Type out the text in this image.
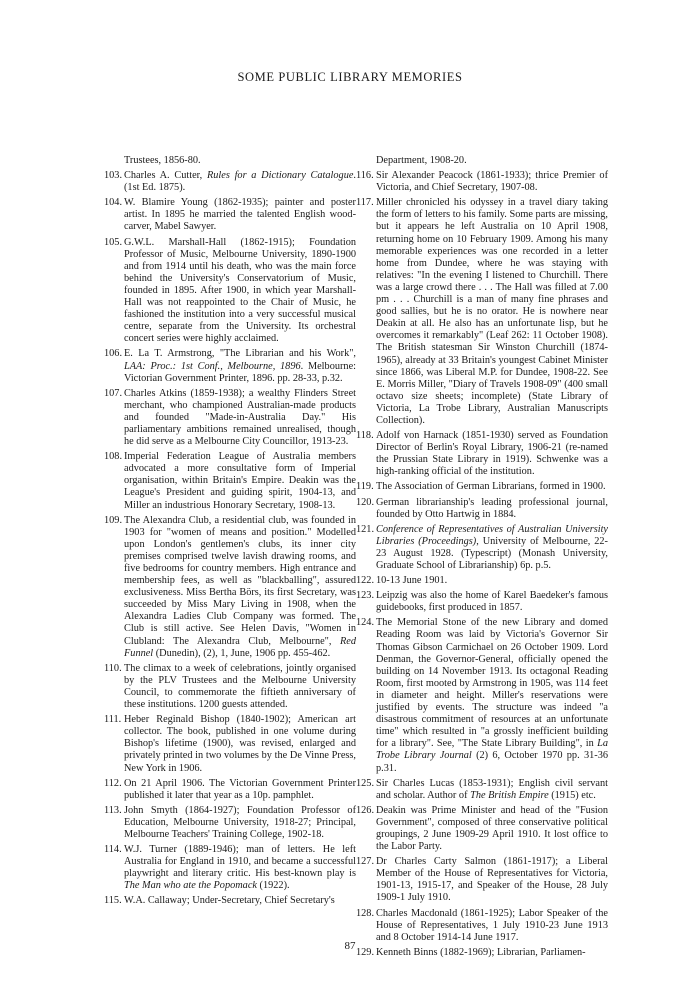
SOME PUBLIC LIBRARY MEMORIES
Trustees, 1856-80.
103. Charles A. Cutter, Rules for a Dictionary Catalogue. (1st Ed. 1875).
104. W. Blamire Young (1862-1935); painter and poster artist. In 1895 he married the talented English wood-carver, Mabel Sawyer.
105. G.W.L. Marshall-Hall (1862-1915); Foundation Professor of Music, Melbourne University, 1890-1900 and from 1914 until his death, who was the main force behind the University's Conservatorium of Music, founded in 1895. After 1900, in which year Marshall-Hall was not reappointed to the Chair of Music, he fashioned the institution into a very successful musical centre, separate from the University. Its orchestral concert series were highly acclaimed.
106. E. La T. Armstrong, "The Librarian and his Work", LAA: Proc.: 1st Conf., Melbourne, 1896. Melbourne: Victorian Government Printer, 1896. pp. 28-33, p.32.
107. Charles Atkins (1859-1938); a wealthy Flinders Street merchant, who championed Australian-made products and founded "Made-in-Australia Day." His parliamentary ambitions remained unrealised, though he did serve as a Melbourne City Councillor, 1913-23.
108. Imperial Federation League of Australia members advocated a more consultative form of Imperial organisation, within Britain's Empire. Deakin was the League's President and guiding spirit, 1904-13, and Miller an industrious Honorary Secretary, 1908-13.
109. The Alexandra Club, a residential club, was founded in 1903 for "women of means and position." Modelled upon London's gentlemen's clubs, its inner city premises comprised twelve lavish drawing rooms, and five bedrooms for country members. High entrance and membership fees, as well as "blackballing", assured exclusiveness. Miss Bertha Börs, its first Secretary, was succeeded by Miss Mary Living in 1908, when the Alexandra Ladies Club Company was formed. The Club is still active. See Helen Davis, "Women in Clubland: The Alexandra Club, Melbourne", Red Funnel (Dunedin), (2), 1, June, 1906 pp. 455-462.
110. The climax to a week of celebrations, jointly organised by the PLV Trustees and the Melbourne University Council, to commemorate the fiftieth anniversary of these institutions. 1200 guests attended.
111. Heber Reginald Bishop (1840-1902); American art collector. The book, published in one volume during Bishop's lifetime (1900), was revised, enlarged and privately printed in two volumes by the De Vinne Press, New York in 1906.
112. On 21 April 1906. The Victorian Government Printer published it later that year as a 10p. pamphlet.
113. John Smyth (1864-1927); Foundation Professor of Education, Melbourne University, 1918-27; Principal, Melbourne Teachers' Training College, 1902-18.
114. W.J. Turner (1889-1946); man of letters. He left Australia for England in 1910, and became a successful playwright and literary critic. His best-known play is The Man who ate the Popomack (1922).
115. W.A. Callaway; Under-Secretary, Chief Secretary's
Department, 1908-20.
116. Sir Alexander Peacock (1861-1933); thrice Premier of Victoria, and Chief Secretary, 1907-08.
117. Miller chronicled his odyssey in a travel diary taking the form of letters to his family. Some parts are missing, but it appears he left Australia on 10 April 1908, returning home on 10 February 1909. Among his many memorable experiences was one recorded in a letter home from Dundee, where he was staying with relatives: "In the evening I listened to Churchill. There was a large crowd there . . . The Hall was filled at 7.00 pm . . . Churchill is a man of many fine phrases and good sallies, but he is no orator. He is nowhere near Deakin at all. He also has an unfortunate lisp, but he overcomes it remarkably" (Leaf 262: 11 October 1908). The British statesman Sir Winston Churchill (1874-1965), already at 33 Britain's youngest Cabinet Minister since 1866, was Liberal M.P. for Dundee, 1908-22. See E. Morris Miller, "Diary of Travels 1908-09" (400 small octavo size sheets; incomplete) (State Library of Victoria, La Trobe Library, Australian Manuscripts Collection).
118. Adolf von Harnack (1851-1930) served as Foundation Director of Berlin's Royal Library, 1906-21 (re-named the Prussian State Library in 1919). Schwenke was a high-ranking official of the institution.
119. The Association of German Librarians, formed in 1900.
120. German librarianship's leading professional journal, founded by Otto Hartwig in 1884.
121. Conference of Representatives of Australian University Libraries (Proceedings), University of Melbourne, 22-23 August 1928. (Typescript) (Monash University, Graduate School of Librarianship) 6p. p.5.
122. 10-13 June 1901.
123. Leipzig was also the home of Karel Baedeker's famous guidebooks, first produced in 1857.
124. The Memorial Stone of the new Library and domed Reading Room was laid by Victoria's Governor Sir Thomas Gibson Carmichael on 26 October 1909. Lord Denman, the Governor-General, officially opened the building on 14 November 1913. Its octagonal Reading Room, first mooted by Armstrong in 1905, was 114 feet in diameter and height. Miller's reservations were justified by events. The structure was indeed "a disastrous commitment of resources at an unfortunate time" which resulted in "a grossly inefficient building for a library". See, "The State Library Building", in La Trobe Library Journal (2) 6, October 1970 pp. 31-36 p.31.
125. Sir Charles Lucas (1853-1931); English civil servant and scholar. Author of The British Empire (1915) etc.
126. Deakin was Prime Minister and head of the "Fusion Government", composed of three conservative political groupings, 2 June 1909-29 April 1910. It lost office to the Labor Party.
127. Dr Charles Carty Salmon (1861-1917); a Liberal Member of the House of Representatives for Victoria, 1901-13, 1915-17, and Speaker of the House, 28 July 1909-1 July 1910.
128. Charles Macdonald (1861-1925); Labor Speaker of the House of Representatives, 1 July 1910-23 June 1913 and 8 October 1914-14 June 1917.
129. Kenneth Binns (1882-1969); Librarian, Parliamen-
87
